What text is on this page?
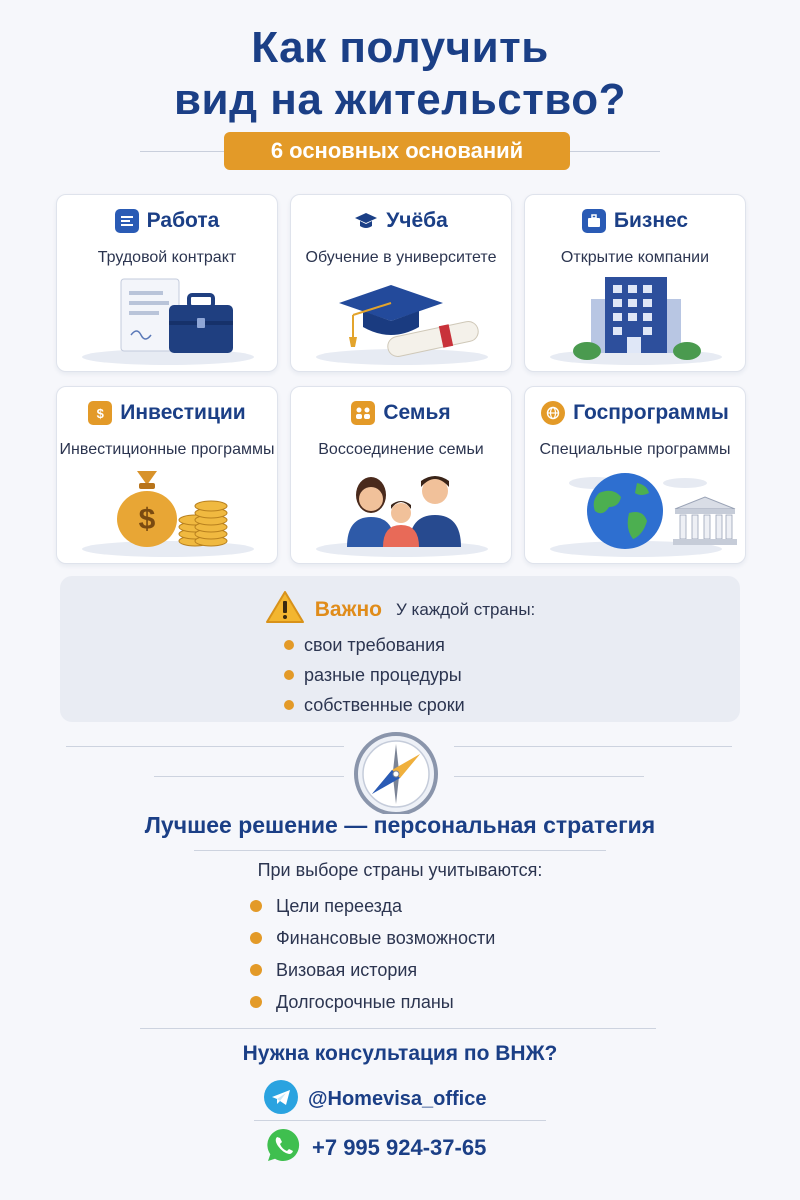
Как получить
вид на жительство?
6 основных оснований
Работа
Трудовой контракт
Учёба
Обучение в университете
Бизнес
Открытие компании
$ Инвестиции
Инвестиционные программы
$
Семья
Воссоединение семьи
Госпрограммы
Специальные программы
Важно У каждой страны:
свои требования
разные процедуры
собственные сроки
Лучшее решение — персональная стратегия
При выборе страны учитываются:
Цели переезда
Финансовые возможности
Визовая история
Долгосрочные планы
Нужна консультация по ВНЖ?
@Homevisa_office
+7 995 924-37-65
